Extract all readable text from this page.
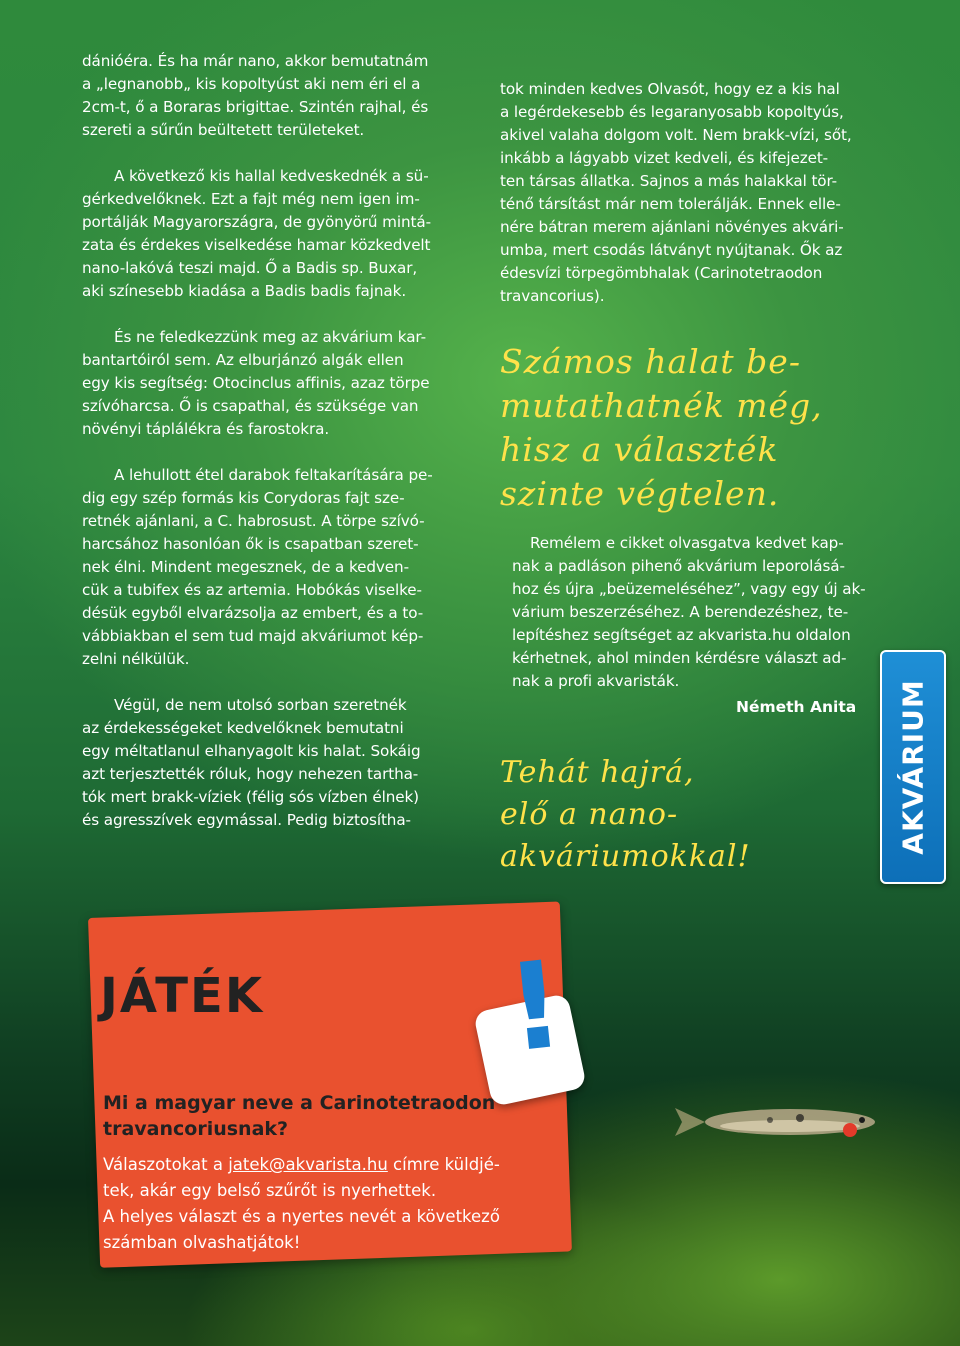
dánióéra. És ha már nano, akkor bemutatnám
a „legnanobb„ kis kopoltyúst aki nem éri el a
2cm-t, ő a Boraras brigittae. Szintén rajhal, és
szereti a sűrűn beültetett területeket.

A következő kis hallal kedveskednék a sü-
gérkedvelőknek. Ezt a fajt még nem igen im-
portálják Magyarországra, de gyönyörű mintá-
zata és érdekes viselkedése hamar közkedvelt
nano-lakóvá teszi majd. Ő a Badis sp. Buxar,
aki színesebb kiadása a Badis badis fajnak.

És ne feledkezzünk meg az akvárium kar-
bantartóiról sem. Az elburjánzó algák ellen
egy kis segítség: Otocinclus affinis, azaz törpe
szívóharcsa. Ő is csapathal, és szüksége van
növényi táplálékra és farostokra.

A lehullott étel darabok feltakarítására pe-
dig egy szép formás kis Corydoras fajt sze-
retnék ajánlani, a C. habrosust. A törpe szívó-
harcsához hasonlóan ők is csapatban szeret-
nek élni. Mindent megesznek, de a kedven-
cük a tubifex és az artemia. Hobókás viselke-
désük egyből elvarázsolja az embert, és a to-
vábbiakban el sem tud majd akváriumot kép-
zelni nélkülük.

Végül, de nem utolsó sorban szeretnék
az érdekességeket kedvelőknek bemutatni
egy méltatlanul elhanyagolt kis halat. Sokáig
azt terjesztették róluk, hogy nehezen tartha-
tók mert brakk-víziek (félig sós vízben élnek)
és agresszívek egymással. Pedig biztosítha-

tok minden kedves Olvasót, hogy ez a kis hal
a legérdekesebb és legaranyosabb kopoltyús,
akivel valaha dolgom volt. Nem brakk-vízi, sőt,
inkább a lágyabb vizet kedveli, és kifejezet-
ten társas állatka. Sajnos a más halakkal tör-
ténő társítást már nem tolerálják. Ennek elle-
nére bátran merem ajánlani növényes akvári-
umba, mert csodás látványt nyújtanak. Ők az
édesvízi törpegömbhalak (Carinotetraodon
travancorius).

Számos halat be-
mutathatnék még,
hisz a választék
szinte végtelen.

Remélem e cikket olvasgatva kedvet kap-
nak a padláson pihenő akvárium leporolásá-
hoz és újra „beüzemeléséhez”, vagy egy új ak-
várium beszerzéséhez. A berendezéshez, te-
lepítéshez segítséget az akvarista.hu oldalon
kérhetnek, ahol minden kérdésre választ ad-
nak a profi akvaristák.

Németh Anita
Tehát hajrá,
elő a nano-
akváriumokkal!
AKVÁRIUM
JÁTÉK !
Mi a magyar neve a Carinotetraodon travancoriusnak?
Válaszotokat a jatek@akvarista.hu címre küldjé-
tek, akár egy belső szűrőt is nyerhettek.
A helyes választ és a nyertes nevét a következő
számban olvashatjátok!
